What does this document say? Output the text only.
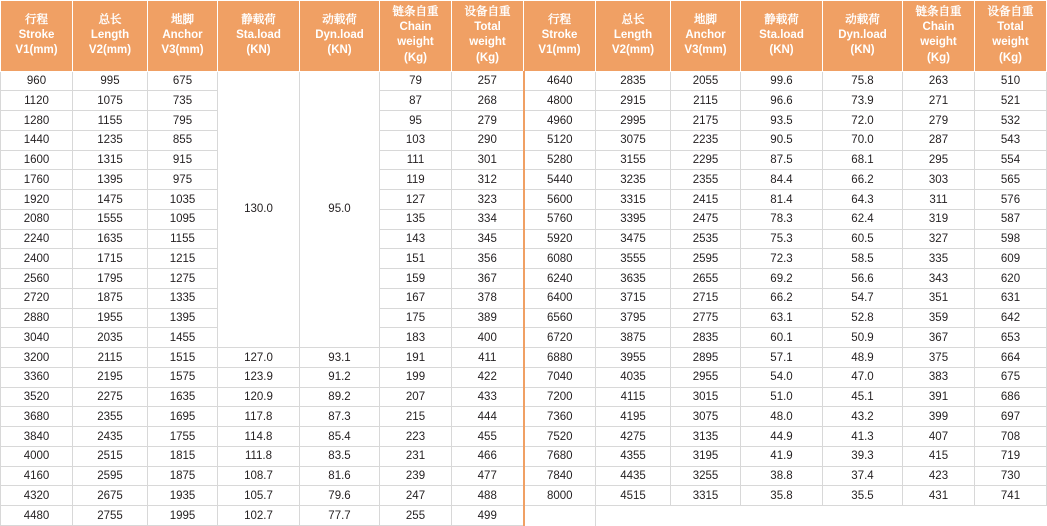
行程
Stroke
V1(mm)	总长
Length
V2(mm)	地脚
Anchor
V3(mm)	静载荷
Sta.load
(KN)	动载荷
Dyn.load
(KN)	链条自重
Chain
weight
(Kg)	设备自重
Total
weight
(Kg)	行程
Stroke
V1(mm)	总长
Length
V2(mm)	地脚
Anchor
V3(mm)	静载荷
Sta.load
(KN)	动载荷
Dyn.load
(KN)	链条自重
Chain
weight
(Kg)	设备自重
Total
weight
(Kg)

960	995	675	130.0	95.0	79	257	4640	2835	2055	99.6	75.8	263	510
1120	1075	735			87	268	4800	2915	2115	96.6	73.9	271	521
1280	1155	795			95	279	4960	2995	2175	93.5	72.0	279	532
1440	1235	855			103	290	5120	3075	2235	90.5	70.0	287	543
1600	1315	915			111	301	5280	3155	2295	87.5	68.1	295	554
1760	1395	975			119	312	5440	3235	2355	84.4	66.2	303	565
1920	1475	1035			127	323	5600	3315	2415	81.4	64.3	311	576
2080	1555	1095			135	334	5760	3395	2475	78.3	62.4	319	587
2240	1635	1155			143	345	5920	3475	2535	75.3	60.5	327	598
2400	1715	1215			151	356	6080	3555	2595	72.3	58.5	335	609
2560	1795	1275			159	367	6240	3635	2655	69.2	56.6	343	620
2720	1875	1335			167	378	6400	3715	2715	66.2	54.7	351	631
2880	1955	1395			175	389	6560	3795	2775	63.1	52.8	359	642
3040	2035	1455			183	400	6720	3875	2835	60.1	50.9	367	653
3200	2115	1515	127.0	93.1	191	411	6880	3955	2895	57.1	48.9	375	664
3360	2195	1575	123.9	91.2	199	422	7040	4035	2955	54.0	47.0	383	675
3520	2275	1635	120.9	89.2	207	433	7200	4115	3015	51.0	45.1	391	686
3680	2355	1695	117.8	87.3	215	444	7360	4195	3075	48.0	43.2	399	697
3840	2435	1755	114.8	85.4	223	455	7520	4275	3135	44.9	41.3	407	708
4000	2515	1815	111.8	83.5	231	466	7680	4355	3195	41.9	39.3	415	719
4160	2595	1875	108.7	81.6	239	477	7840	4435	3255	38.8	37.4	423	730
4320	2675	1935	105.7	79.6	247	488	8000	4515	3315	35.8	35.5	431	741
4480	2755	1995	102.7	77.7	255	499							
